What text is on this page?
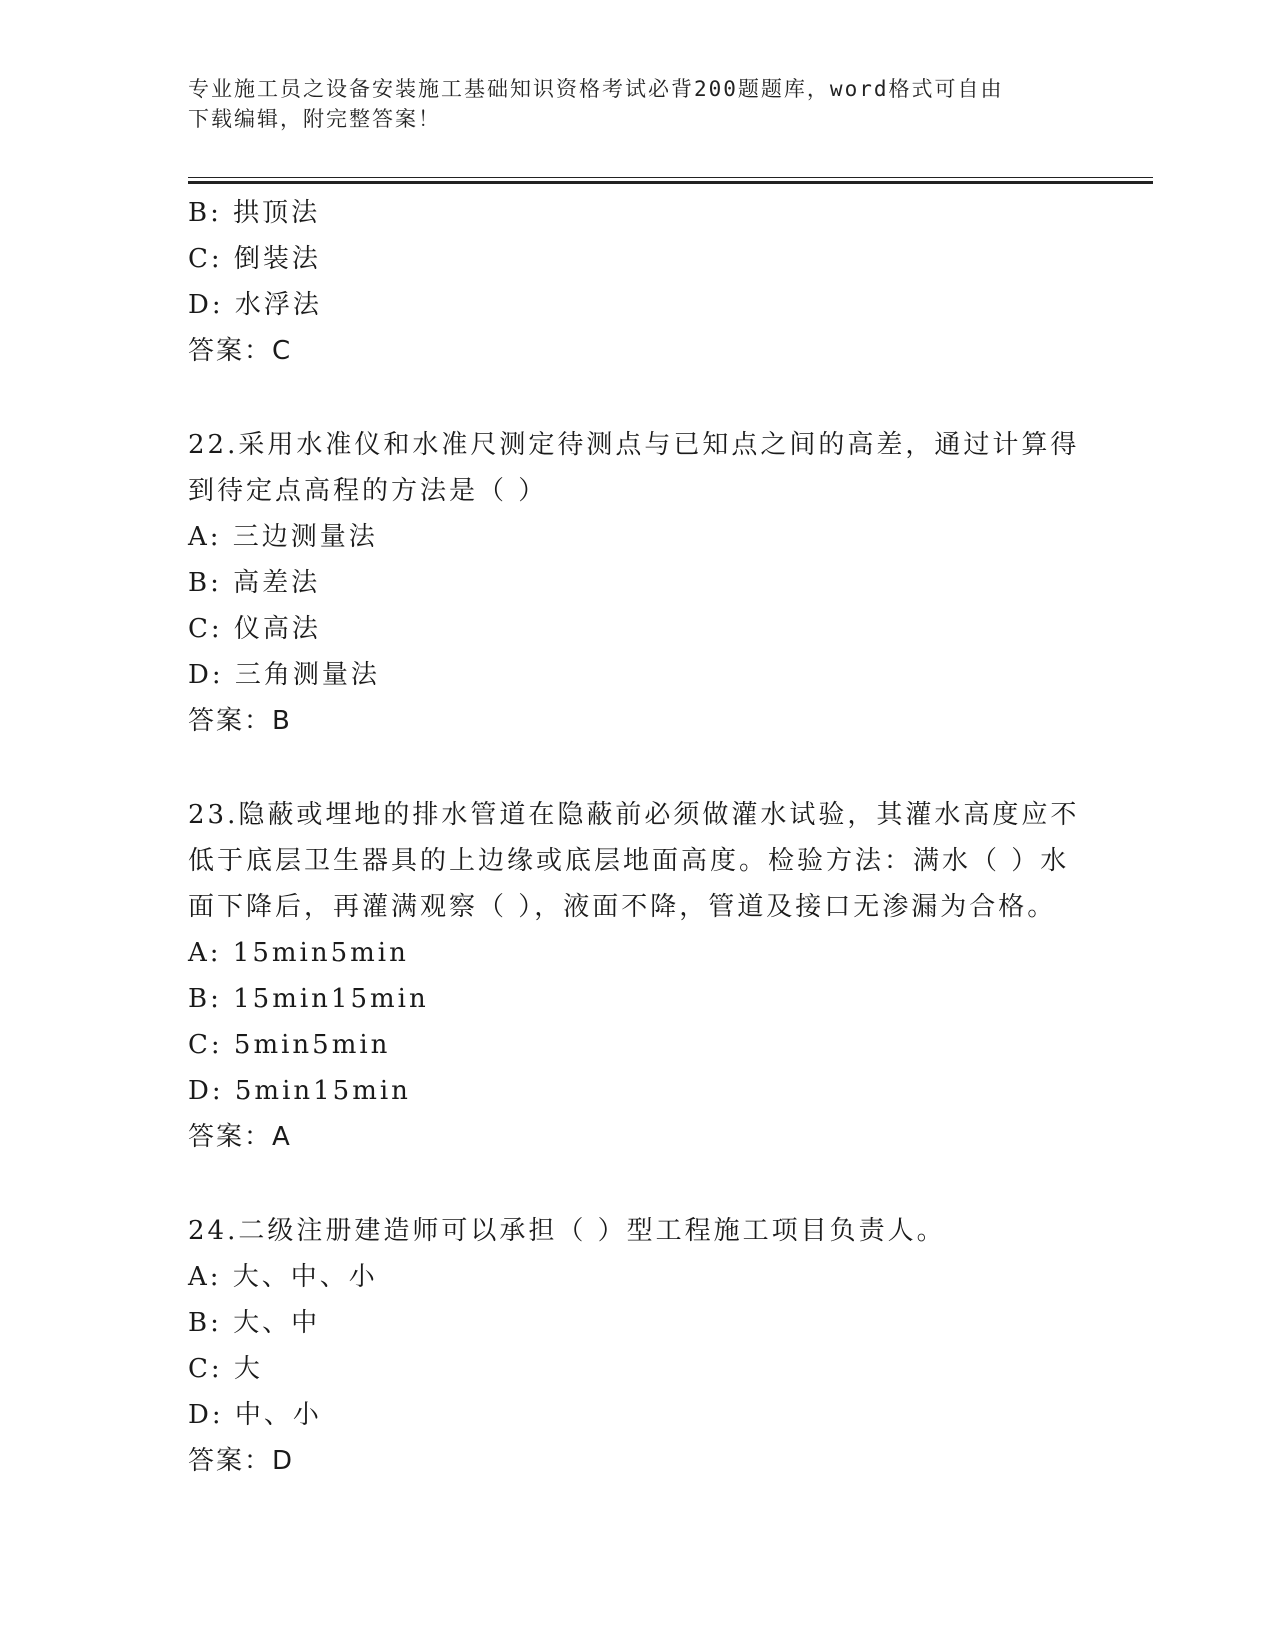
专业施工员之设备安装施工基础知识资格考试必背200题题库，word格式可自由
下载编辑，附完整答案！
B: 拱顶法
C: 倒装法
D: 水浮法
答案：C
22.采用水准仪和水准尺测定待测点与已知点之间的高差，通过计算得
到待定点高程的方法是（ ）
A: 三边测量法
B: 高差法
C: 仪高法
D: 三角测量法
答案：B
23.隐蔽或埋地的排水管道在隐蔽前必须做灌水试验，其灌水高度应不
低于底层卫生器具的上边缘或底层地面高度。检验方法：满水（ ）水
面下降后，再灌满观察（ ），液面不降，管道及接口无渗漏为合格。
A: 15min5min
B: 15min15min
C: 5min5min
D: 5min15min
答案：A
24.二级注册建造师可以承担（ ）型工程施工项目负责人。
A: 大、中、小
B: 大、中
C: 大
D: 中、小
答案：D
